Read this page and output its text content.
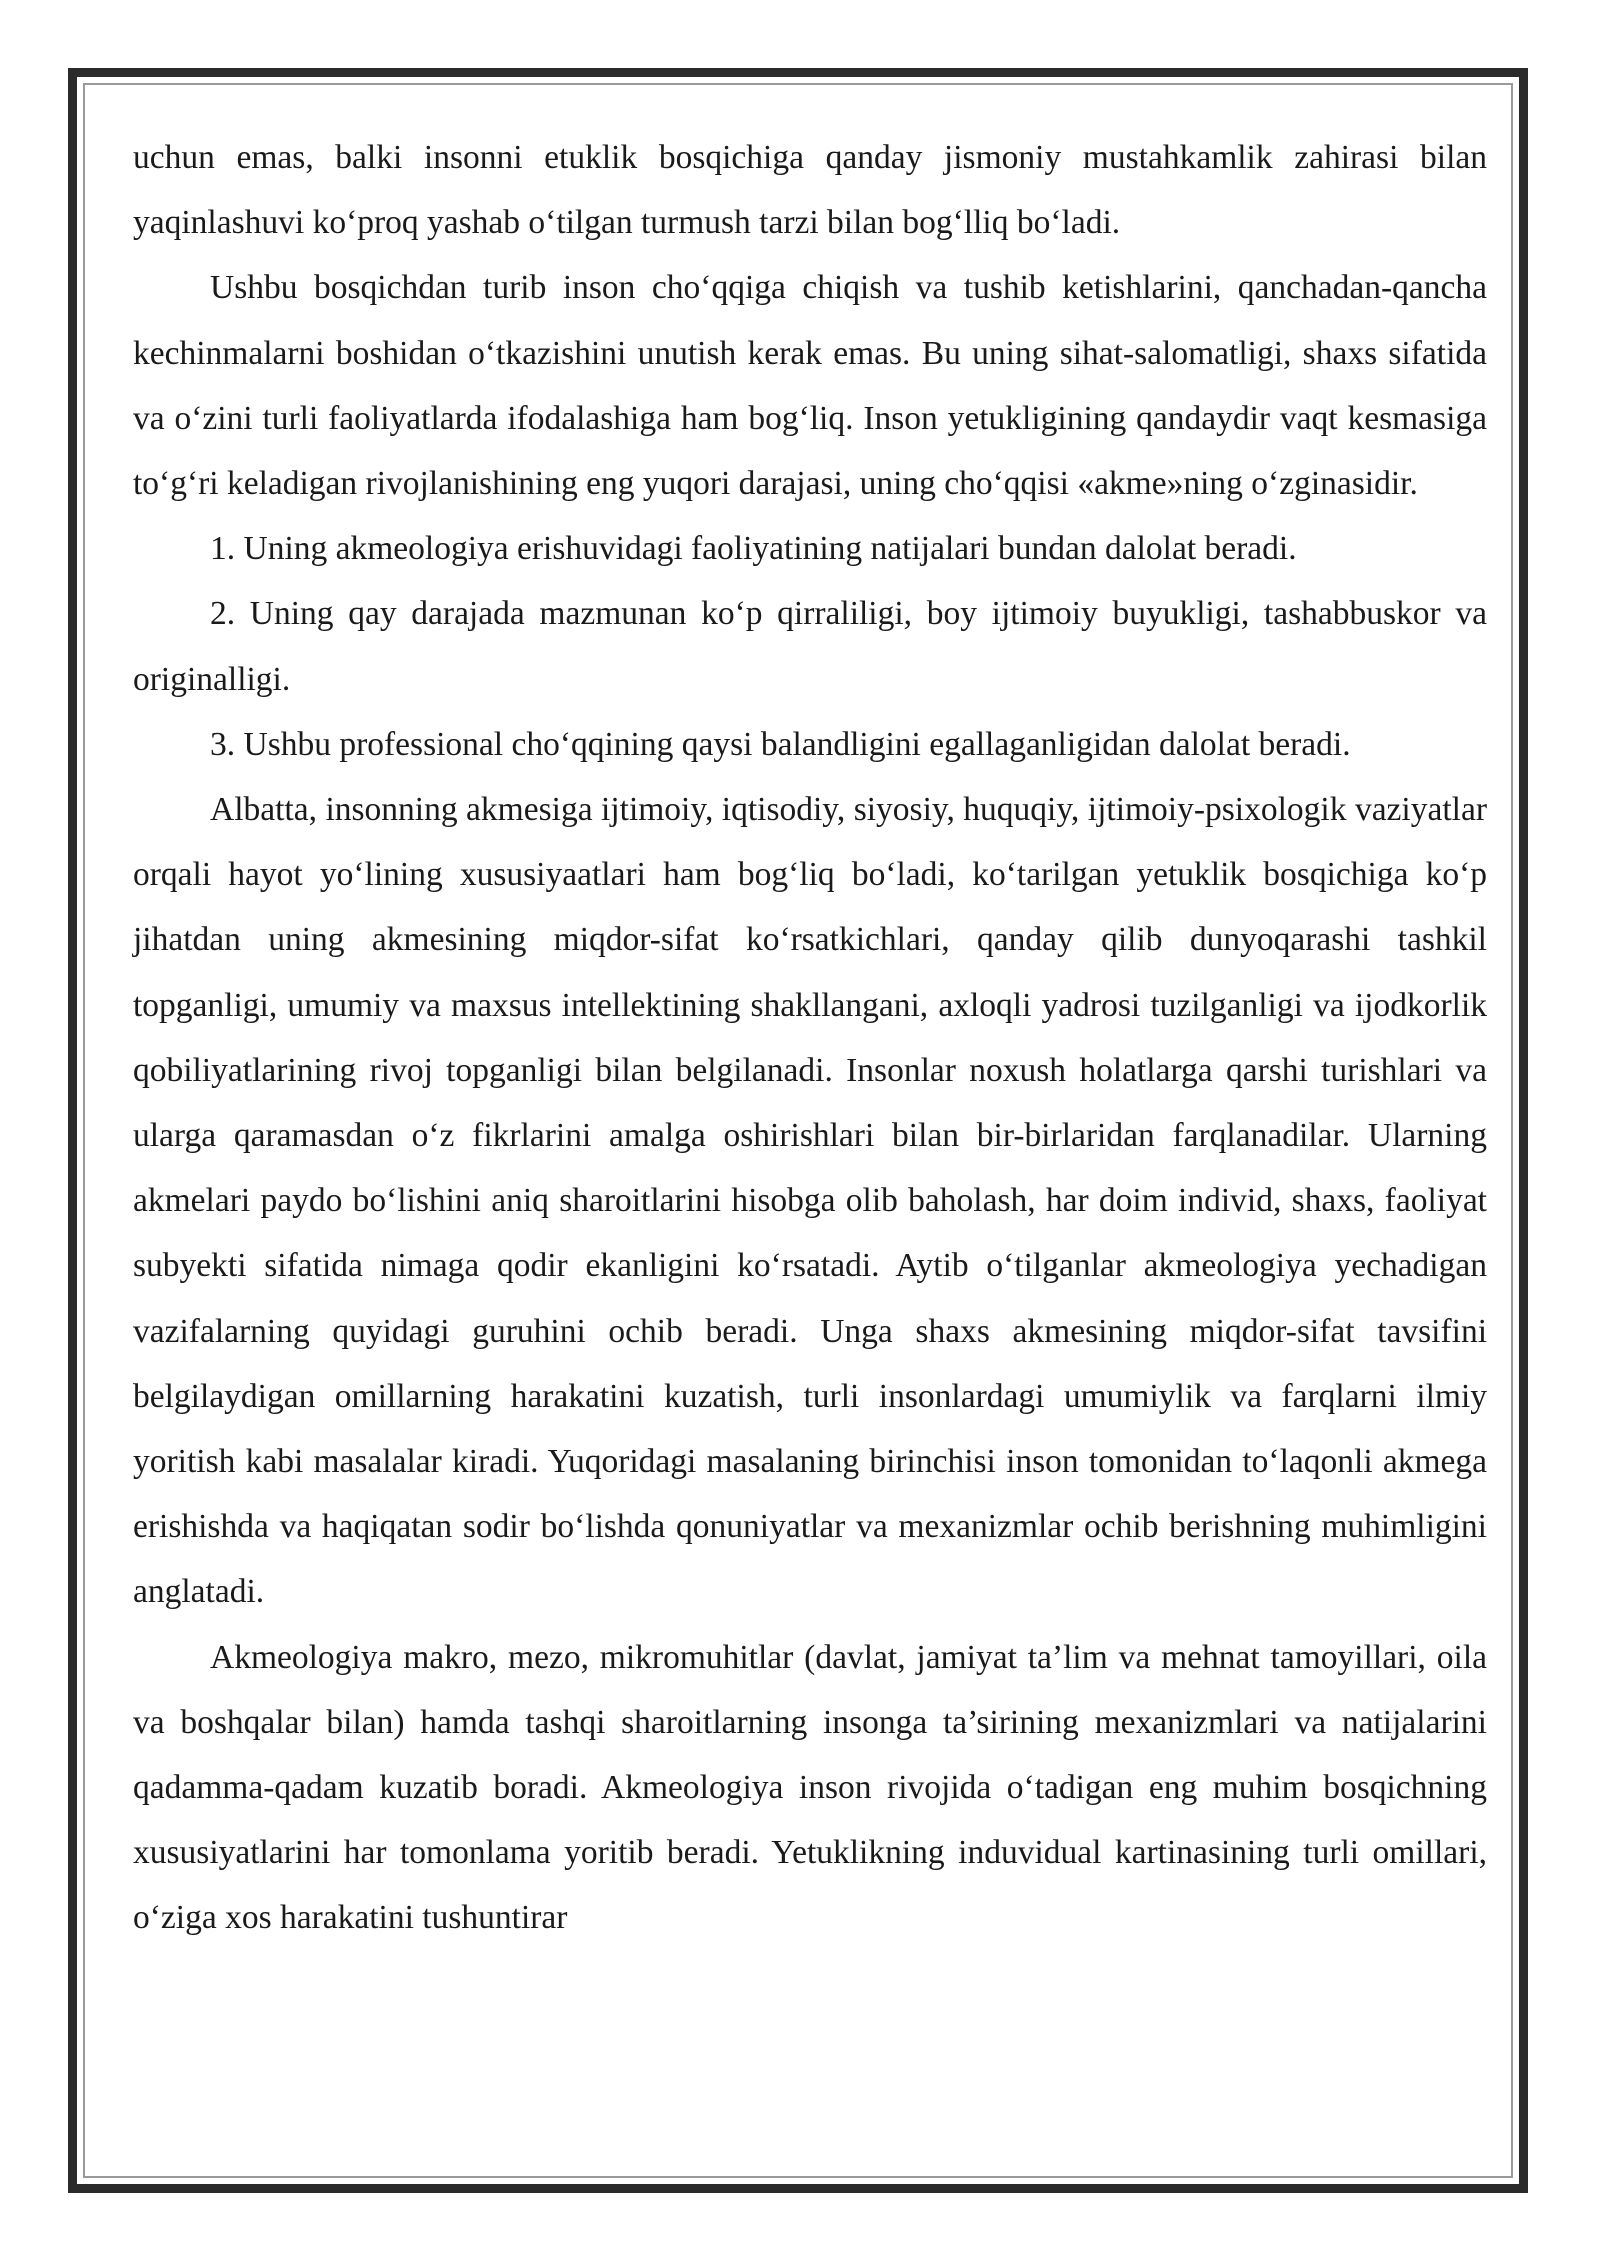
uchun emas, balki insonni etuklik bosqichiga qanday jismoniy mustahkamlik zahirasi bilan yaqinlashuvi ko‘proq yashab o‘tilgan turmush tarzi bilan bog‘lliq bo‘ladi.

Ushbu bosqichdan turib inson cho‘qqiga chiqish va tushib ketishlarini, qanchadan-qancha kechinmalarni boshidan o‘tkazishini unutish kerak emas. Bu uning sihat-salomatligi, shaxs sifatida va o‘zini turli faoliyatlarda ifodalashiga ham bog‘liq. Inson yetukligining qandaydir vaqt kesmasiga to‘g‘ri keladigan rivojlanishining eng yuqori darajasi, uning cho‘qqisi «akme»ning o‘zginasidir.

1. Uning akmeologiya erishuvidagi faoliyatining natijalari bundan dalolat beradi.

2. Uning qay darajada mazmunan ko‘p qirraliligi, boy ijtimoiy buyukligi, tashabbuskor va originalligi.

3. Ushbu professional cho‘qqining qaysi balandligini egallaganligidan dalolat beradi.

Albatta, insonning akmesiga ijtimoiy, iqtisodiy, siyosiy, huquqiy, ijtimoiy-psixologik vaziyatlar orqali hayot yo‘lining xususiyaatlari ham bog‘liq bo‘ladi, ko‘tarilgan yetuklik bosqichiga ko‘p jihatdan uning akmesining miqdor-sifat ko‘rsatkichlari, qanday qilib dunyoqarashi tashkil topganligi, umumiy va maxsus intellektining shakllangani, axloqli yadrosi tuzilganligi va ijodkorlik qobiliyatlarining rivoj topganligi bilan belgilanadi. Insonlar noxush holatlarga qarshi turishlari va ularga qaramasdan o‘z fikrlarini amalga oshirishlari bilan bir-birlaridan farqlanadilar. Ularning akmelari paydo bo‘lishini aniq sharoitlarini hisobga olib baholash, har doim individ, shaxs, faoliyat subyekti sifatida nimaga qodir ekanligini ko‘rsatadi. Aytib o‘tilganlar akmeologiya yechadigan vazifalarning quyidagi guruhini ochib beradi. Unga shaxs akmesining miqdor-sifat tavsifini belgilaydigan omillarning harakatini kuzatish, turli insonlardagi umumiylik va farqlarni ilmiy yoritish kabi masalalar kiradi. Yuqoridagi masalaning birinchisi inson tomonidan to‘laqonli akmega erishishda va haqiqatan sodir bo‘lishda qonuniyatlar va mexanizmlar ochib berishning muhimligini anglatadi.

Akmeologiya makro, mezo, mikromuhitlar (davlat, jamiyat ta’lim va mehnat tamoyillari, oila va boshqalar bilan) hamda tashqi sharoitlarning insonga ta’sirining mexanizmlari va natijalarini qadamma-qadam kuzatib boradi. Akmeologiya inson rivojida o‘tadigan eng muhim bosqichning xususiyatlarini har tomonlama yoritib beradi. Yetuklikning induvidual kartinasining turli omillari, o‘ziga xos harakatini tushuntirar
